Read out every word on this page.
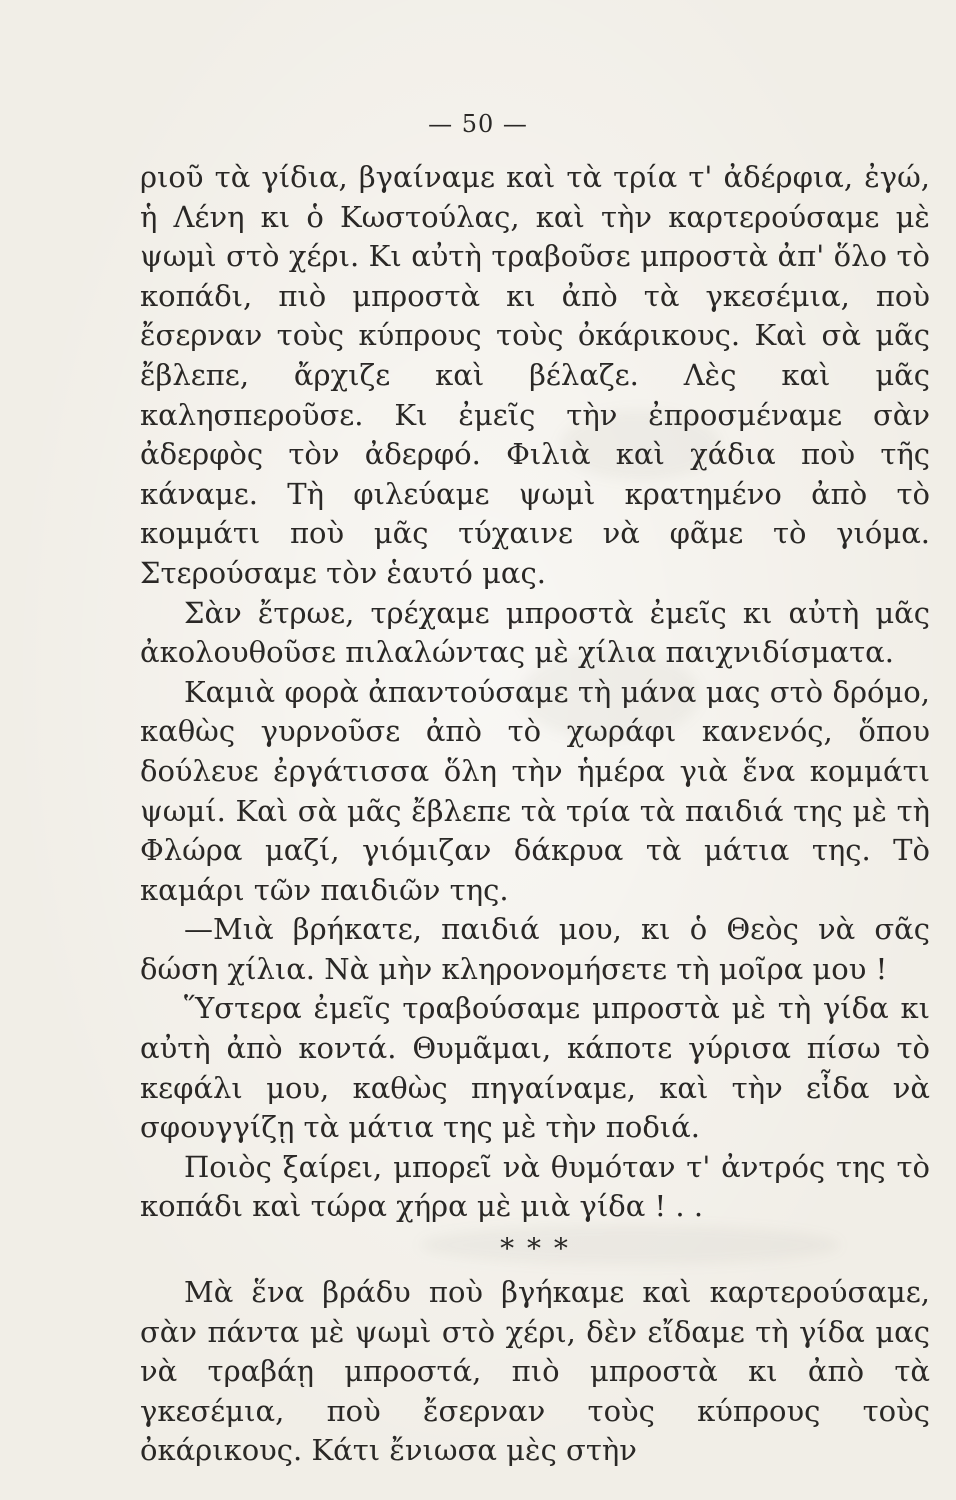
— 50 —

ριοῦ τὰ γίδια, βγαίναμε καὶ τὰ τρία τ' ἀδέρφια, ἐγώ, ἡ Λένη κι ὁ Κωστούλας, καὶ τὴν καρτερούσαμε μὲ ψωμὶ στὸ χέρι. Κι αὐτὴ τραβοῦσε μπροστὰ ἀπ' ὅλο τὸ κοπάδι, πιὸ μπροστὰ κι ἀπὸ τὰ γκεσέμια, ποὺ ἔσερναν τοὺς κύπρους τοὺς ὀκάρικους. Καὶ σὰ μᾶς ἔβλεπε, ἄρχιζε καὶ βέλαζε. Λὲς καὶ μᾶς καλησπεροῦσε. Κι ἐμεῖς τὴν ἐπροσμέναμε σὰν ἀδερφὸς τὸν ἀδερφό. Φιλιὰ καὶ χάδια ποὺ τῆς κάναμε. Τὴ φιλεύαμε ψωμὶ κρατημένο ἀπὸ τὸ κομμάτι ποὺ μᾶς τύχαινε νὰ φᾶμε τὸ γιόμα. Στερούσαμε τὸν ἑαυτό μας.

Σὰν ἔτρωε, τρέχαμε μπροστὰ ἐμεῖς κι αὐτὴ μᾶς ἀκολουθοῦσε πιλαλώντας μὲ χίλια παιχνιδίσματα.

Καμιὰ φορὰ ἀπαντούσαμε τὴ μάνα μας στὸ δρόμο, καθὼς γυρνοῦσε ἀπὸ τὸ χωράφι κανενός, ὅπου δούλευε ἐργάτισσα ὅλη τὴν ἡμέρα γιὰ ἕνα κομμάτι ψωμί. Καὶ σὰ μᾶς ἔβλεπε τὰ τρία τὰ παιδιά της μὲ τὴ Φλώρα μαζί, γιόμιζαν δάκρυα τὰ μάτια της. Τὸ καμάρι τῶν παιδιῶν της.

—Μιὰ βρήκατε, παιδιά μου, κι ὁ Θεὸς νὰ σᾶς δώση χίλια. Νὰ μὴν κληρονομήσετε τὴ μοῖρα μου !

Ὕστερα ἐμεῖς τραβούσαμε μπροστὰ μὲ τὴ γίδα κι αὐτὴ ἀπὸ κοντά. Θυμᾶμαι, κάποτε γύρισα πίσω τὸ κεφάλι μου, καθὼς πηγαίναμε, καὶ τὴν εἶδα νὰ σφουγγίζῃ τὰ μάτια της μὲ τὴν ποδιά.

Ποιὸς ξαίρει, μπορεῖ νὰ θυμόταν τ' ἀντρός της τὸ κοπάδι καὶ τώρα χήρα μὲ μιὰ γίδα ! . .

* * *

Μὰ ἕνα βράδυ ποὺ βγήκαμε καὶ καρτερούσαμε, σὰν πάντα μὲ ψωμὶ στὸ χέρι, δὲν εἴδαμε τὴ γίδα μας νὰ τραβάῃ μπροστά, πιὸ μπροστὰ κι ἀπὸ τὰ γκεσέμια, ποὺ ἔσερναν τοὺς κύπρους τοὺς ὀκάρικους. Κάτι ἔνιωσα μὲς στὴν
